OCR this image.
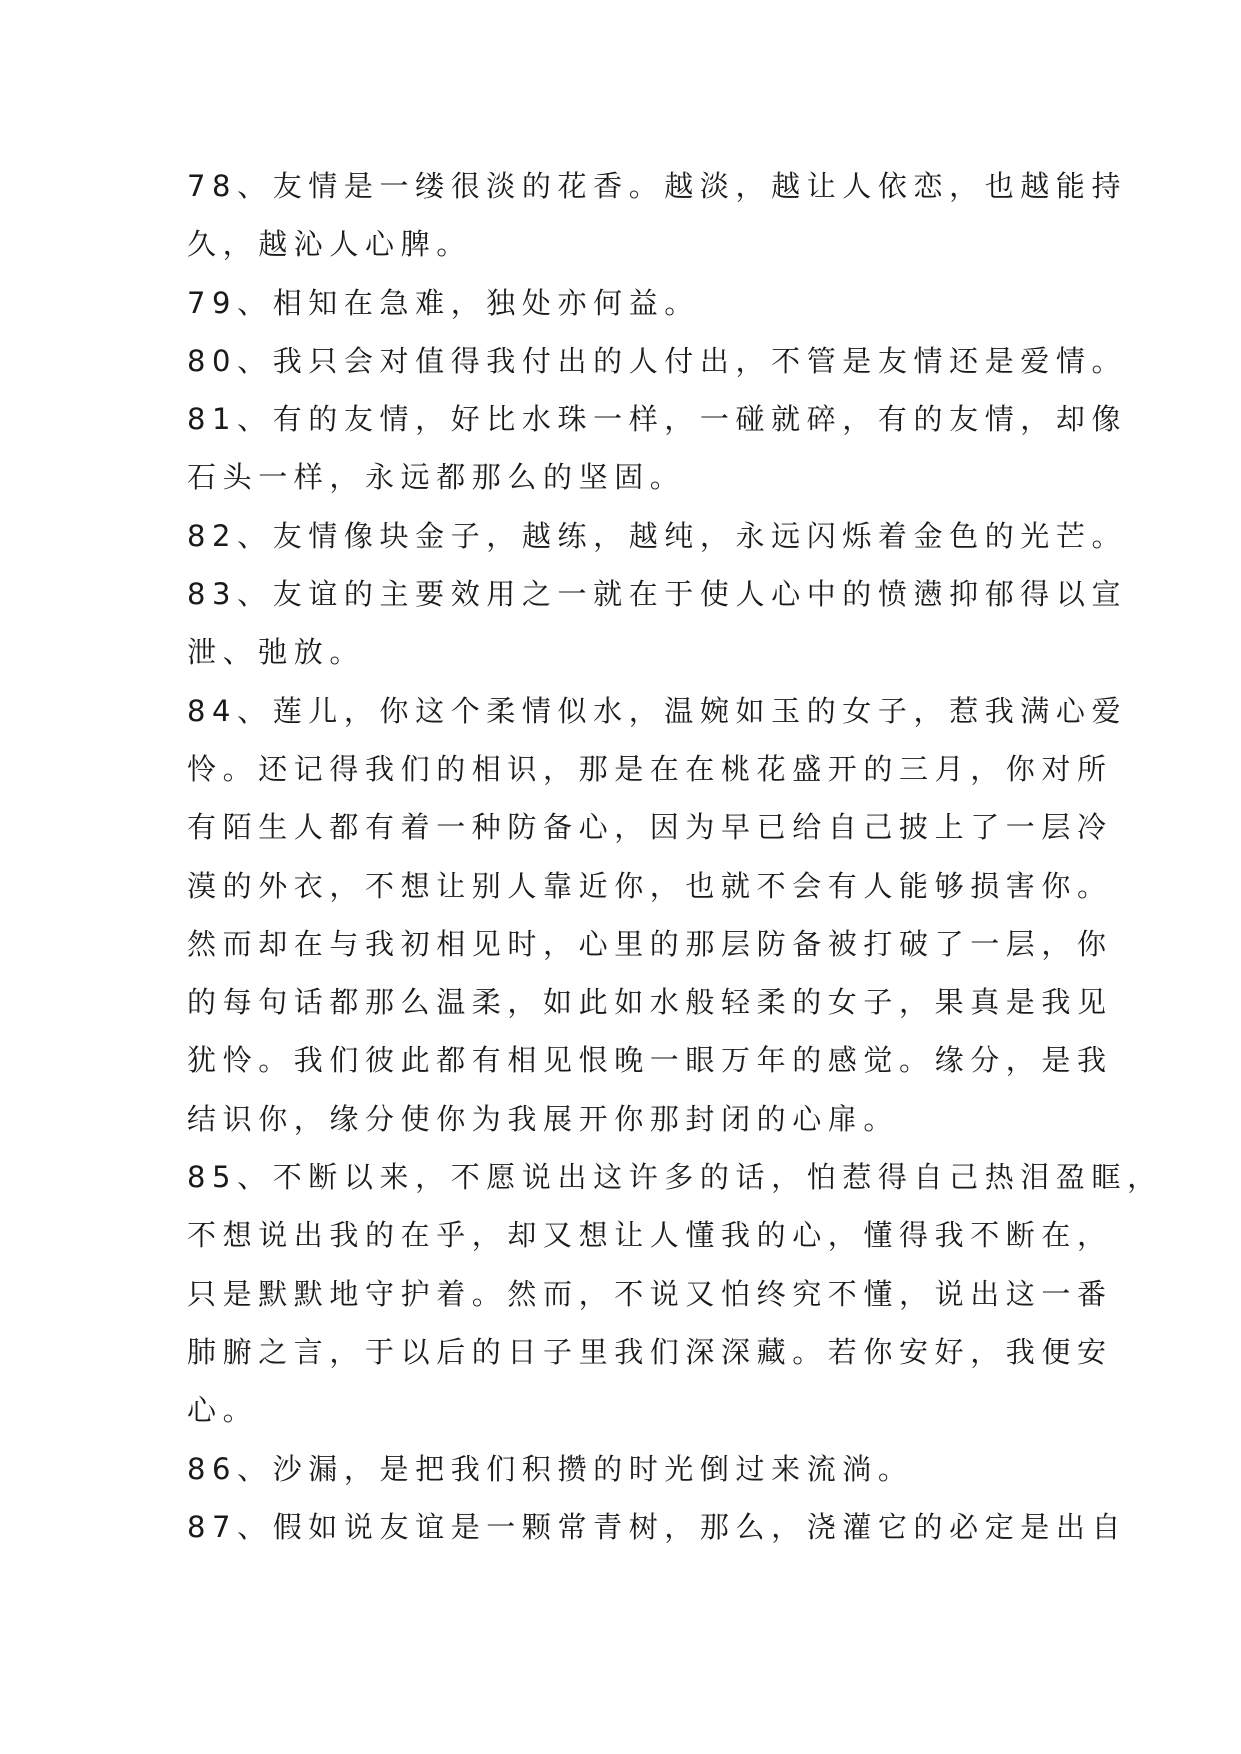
78、友情是一缕很淡的花香。越淡，越让人依恋，也越能持
久，越沁人心脾。
79、相知在急难，独处亦何益。
80、我只会对值得我付出的人付出，不管是友情还是爱情。
81、有的友情，好比水珠一样，一碰就碎，有的友情，却像
石头一样，永远都那么的坚固。
82、友情像块金子，越练，越纯，永远闪烁着金色的光芒。
83、友谊的主要效用之一就在于使人心中的愤懑抑郁得以宣
泄、弛放。
84、莲儿，你这个柔情似水，温婉如玉的女子，惹我满心爱
怜。还记得我们的相识，那是在在桃花盛开的三月，你对所
有陌生人都有着一种防备心，因为早已给自己披上了一层冷
漠的外衣，不想让别人靠近你，也就不会有人能够损害你。
然而却在与我初相见时，心里的那层防备被打破了一层，你
的每句话都那么温柔，如此如水般轻柔的女子，果真是我见
犹怜。我们彼此都有相见恨晚一眼万年的感觉。缘分，是我
结识你，缘分使你为我展开你那封闭的心扉。
85、不断以来，不愿说出这许多的话，怕惹得自己热泪盈眶，
不想说出我的在乎，却又想让人懂我的心，懂得我不断在，
只是默默地守护着。然而，不说又怕终究不懂，说出这一番
肺腑之言，于以后的日子里我们深深藏。若你安好，我便安
心。
86、沙漏，是把我们积攒的时光倒过来流淌。
87、假如说友谊是一颗常青树，那么，浇灌它的必定是出自
